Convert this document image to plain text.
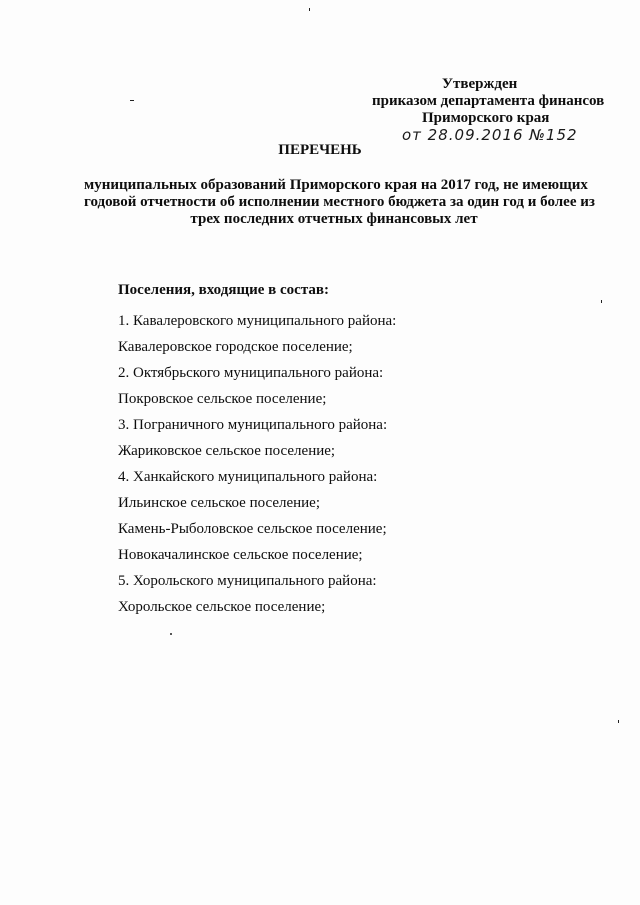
Утвержден
приказом департамента финансов
Приморского края
от 28.09.2016 №152
ПЕРЕЧЕНЬ
муниципальных образований Приморского края на 2017 год, не имеющих
годовой отчетности об исполнении местного бюджета за один год и более из
трех последних отчетных финансовых лет
Поселения, входящие в состав:
1. Кавалеровского муниципального района:
Кавалеровское городское поселение;
2. Октябрьского муниципального района:
Покровское сельское поселение;
3. Пограничного муниципального района:
Жариковское сельское поселение;
4. Ханкайского муниципального района:
Ильинское сельское поселение;
Камень-Рыболовское сельское поселение;
Новокачалинское сельское поселение;
5. Хорольского муниципального района:
Хорольское сельское поселение;
